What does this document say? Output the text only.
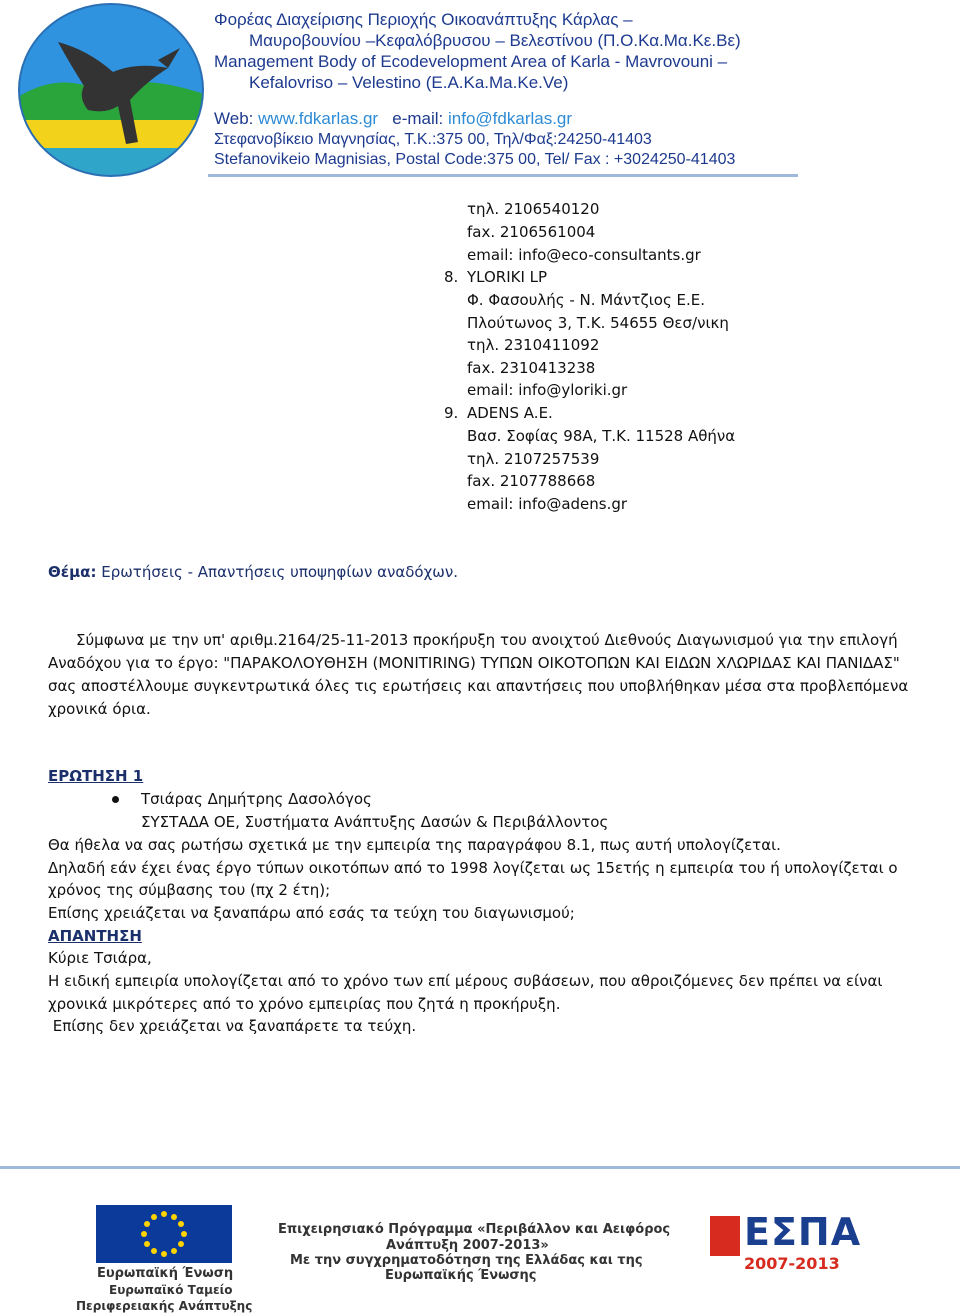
Φορέας Διαχείρισης Περιοχής Οικοανάπτυξης Κάρλας –
Μαυροβουνίου –Κεφαλόβρυσου – Βελεστίνου (Π.Ο.Κα.Μα.Κε.Βε)
Management Body of Ecodevelopment Area of Karla - Mavrovouni –
Kefalovriso – Velestino (E.A.Ka.Ma.Ke.Ve)
Web: www.fdkarlas.gr e-mail: info@fdkarlas.gr
Στεφανοβίκειο Μαγνησίας, Τ.Κ.:375 00, Τηλ/Φαξ:24250-41403
Stefanovikeio Magnisias, Postal Code:375 00, Tel/ Fax : +3024250-41403
τηλ. 2106540120
fax. 2106561004
email: info@eco-consultants.gr
8. YLORIKI LP
Φ. Φασουλής - Ν. Μάντζιος Ε.Ε.
Πλούτωνος 3, Τ.Κ. 54655 Θεσ/νικη
τηλ. 2310411092
fax. 2310413238
email: info@yloriki.gr
9. ADENS A.E.
Βασ. Σοφίας 98Α, Τ.Κ. 11528 Αθήνα
τηλ. 2107257539
fax. 2107788668
email: info@adens.gr
Θέμα: Ερωτήσεις - Απαντήσεις υποψηφίων αναδόχων.
Σύμφωνα με την υπ' αριθμ.2164/25-11-2013 προκήρυξη του ανοιχτού Διεθνούς Διαγωνισμού για την επιλογή
Αναδόχου για το έργο: "ΠΑΡΑΚΟΛΟΥΘΗΣΗ (MONITIRING) ΤΥΠΩΝ ΟΙΚΟΤΟΠΩΝ ΚΑΙ ΕΙΔΩΝ ΧΛΩΡΙΔΑΣ ΚΑΙ ΠΑΝΙΔΑΣ"
σας αποστέλλουμε συγκεντρωτικά όλες τις ερωτήσεις και απαντήσεις που υποβλήθηκαν μέσα στα προβλεπόμενα
χρονικά όρια.
ΕΡΩΤΗΣΗ 1
Τσιάρας Δημήτρης Δασολόγος
ΣΥΣΤΑΔΑ ΟΕ, Συστήματα Ανάπτυξης Δασών & Περιβάλλοντος
Θα ήθελα να σας ρωτήσω σχετικά με την εμπειρία της παραγράφου 8.1, πως αυτή υπολογίζεται.
Δηλαδή εάν έχει ένας έργο τύπων οικοτόπων από το 1998 λογίζεται ως 15ετής η εμπειρία του ή υπολογίζεται ο
χρόνος της σύμβασης του (πχ 2 έτη);
Επίσης χρειάζεται να ξαναπάρω από εσάς τα τεύχη του διαγωνισμού;
ΑΠΑΝΤΗΣΗ
Κύριε Τσιάρα,
Η ειδική εμπειρία υπολογίζεται από το χρόνο των επί μέρους συβάσεων, που αθροιζόμενες δεν πρέπει να είναι
χρονικά μικρότερες από το χρόνο εμπειρίας που ζητά η προκήρυξη.
Επίσης δεν χρειάζεται να ξαναπάρετε τα τεύχη.
Ευρωπαϊκή Ένωση
Ευρωπαϊκό Ταμείο
Περιφερειακής Ανάπτυξης
Επιχειρησιακό Πρόγραμμα «Περιβάλλον και Αειφόρος
Ανάπτυξη 2007-2013»
Με την συγχρηματοδότηση της Ελλάδας και της
Ευρωπαϊκής Ένωσης
ΕΣΠΑ
2007-2013
